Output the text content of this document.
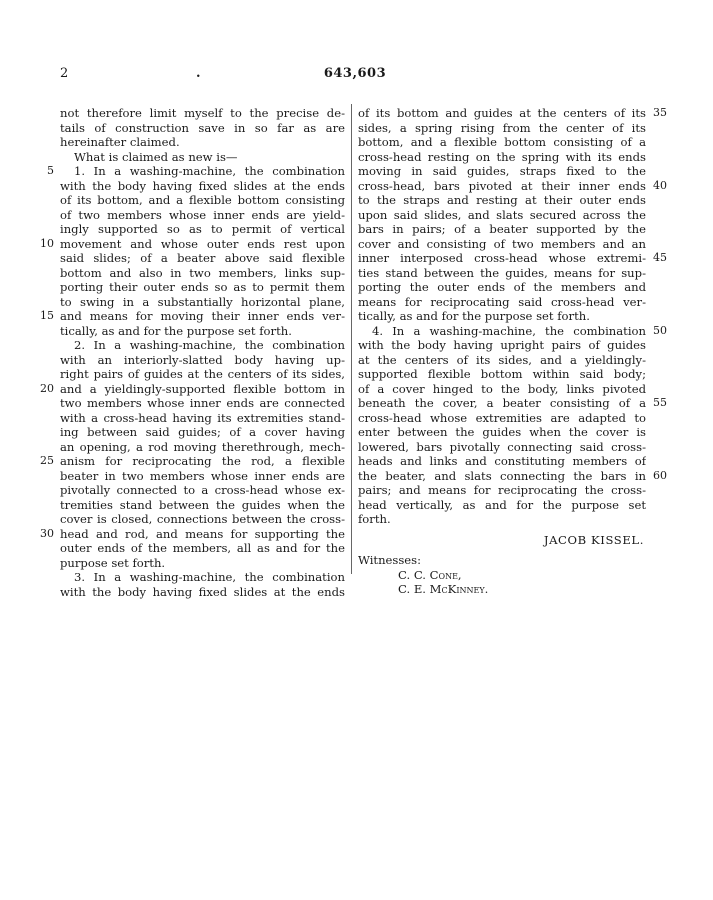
2	.	643,603
5
10
15
20
25
30
35
40
45
50
55
60
not therefore limit myself to the precise de-
tails of construction save in so far as are
hereinafter claimed.
What is claimed as new is—
1. In a washing-machine, the combination
with the body having fixed slides at the ends
of its bottom, and a flexible bottom consisting
of two members whose inner ends are yield-
ingly supported so as to permit of vertical
movement and whose outer ends rest upon
said slides; of a beater above said flexible
bottom and also in two members, links sup-
porting their outer ends so as to permit them
to swing in a substantially horizontal plane,
and means for moving their inner ends ver-
tically, as and for the purpose set forth.
2. In a washing-machine, the combination
with an interiorly-slatted body having up-
right pairs of guides at the centers of its sides,
and a yieldingly-supported flexible bottom in
two members whose inner ends are connected
with a cross-head having its extremities stand-
ing between said guides; of a cover having
an opening, a rod moving therethrough, mech-
anism for reciprocating the rod, a flexible
beater in two members whose inner ends are
pivotally connected to a cross-head whose ex-
tremities stand between the guides when the
cover is closed, connections between the cross-
head and rod, and means for supporting the
outer ends of the members, all as and for the
purpose set forth.
3. In a washing-machine, the combination
with the body having fixed slides at the ends
of its bottom and guides at the centers of its
sides, a spring rising from the center of its
bottom, and a flexible bottom consisting of a
cross-head resting on the spring with its ends
moving in said guides, straps fixed to the
cross-head, bars pivoted at their inner ends
to the straps and resting at their outer ends
upon said slides, and slats secured across the
bars in pairs; of a beater supported by the
cover and consisting of two members and an
inner interposed cross-head whose extremi-
ties stand between the guides, means for sup-
porting the outer ends of the members and
means for reciprocating said cross-head ver-
tically, as and for the purpose set forth.
4. In a washing-machine, the combination
with the body having upright pairs of guides
at the centers of its sides, and a yieldingly-
supported flexible bottom within said body;
of a cover hinged to the body, links pivoted
beneath the cover, a beater consisting of a
cross-head whose extremities are adapted to
enter between the guides when the cover is
lowered, bars pivotally connecting said cross-
heads and links and constituting members of
the beater, and slats connecting the bars in
pairs; and means for reciprocating the cross-
head vertically, as and for the purpose set
forth.
JACOB KISSEL.
Witnesses:
C. C. Cone,
C. E. McKinney.
